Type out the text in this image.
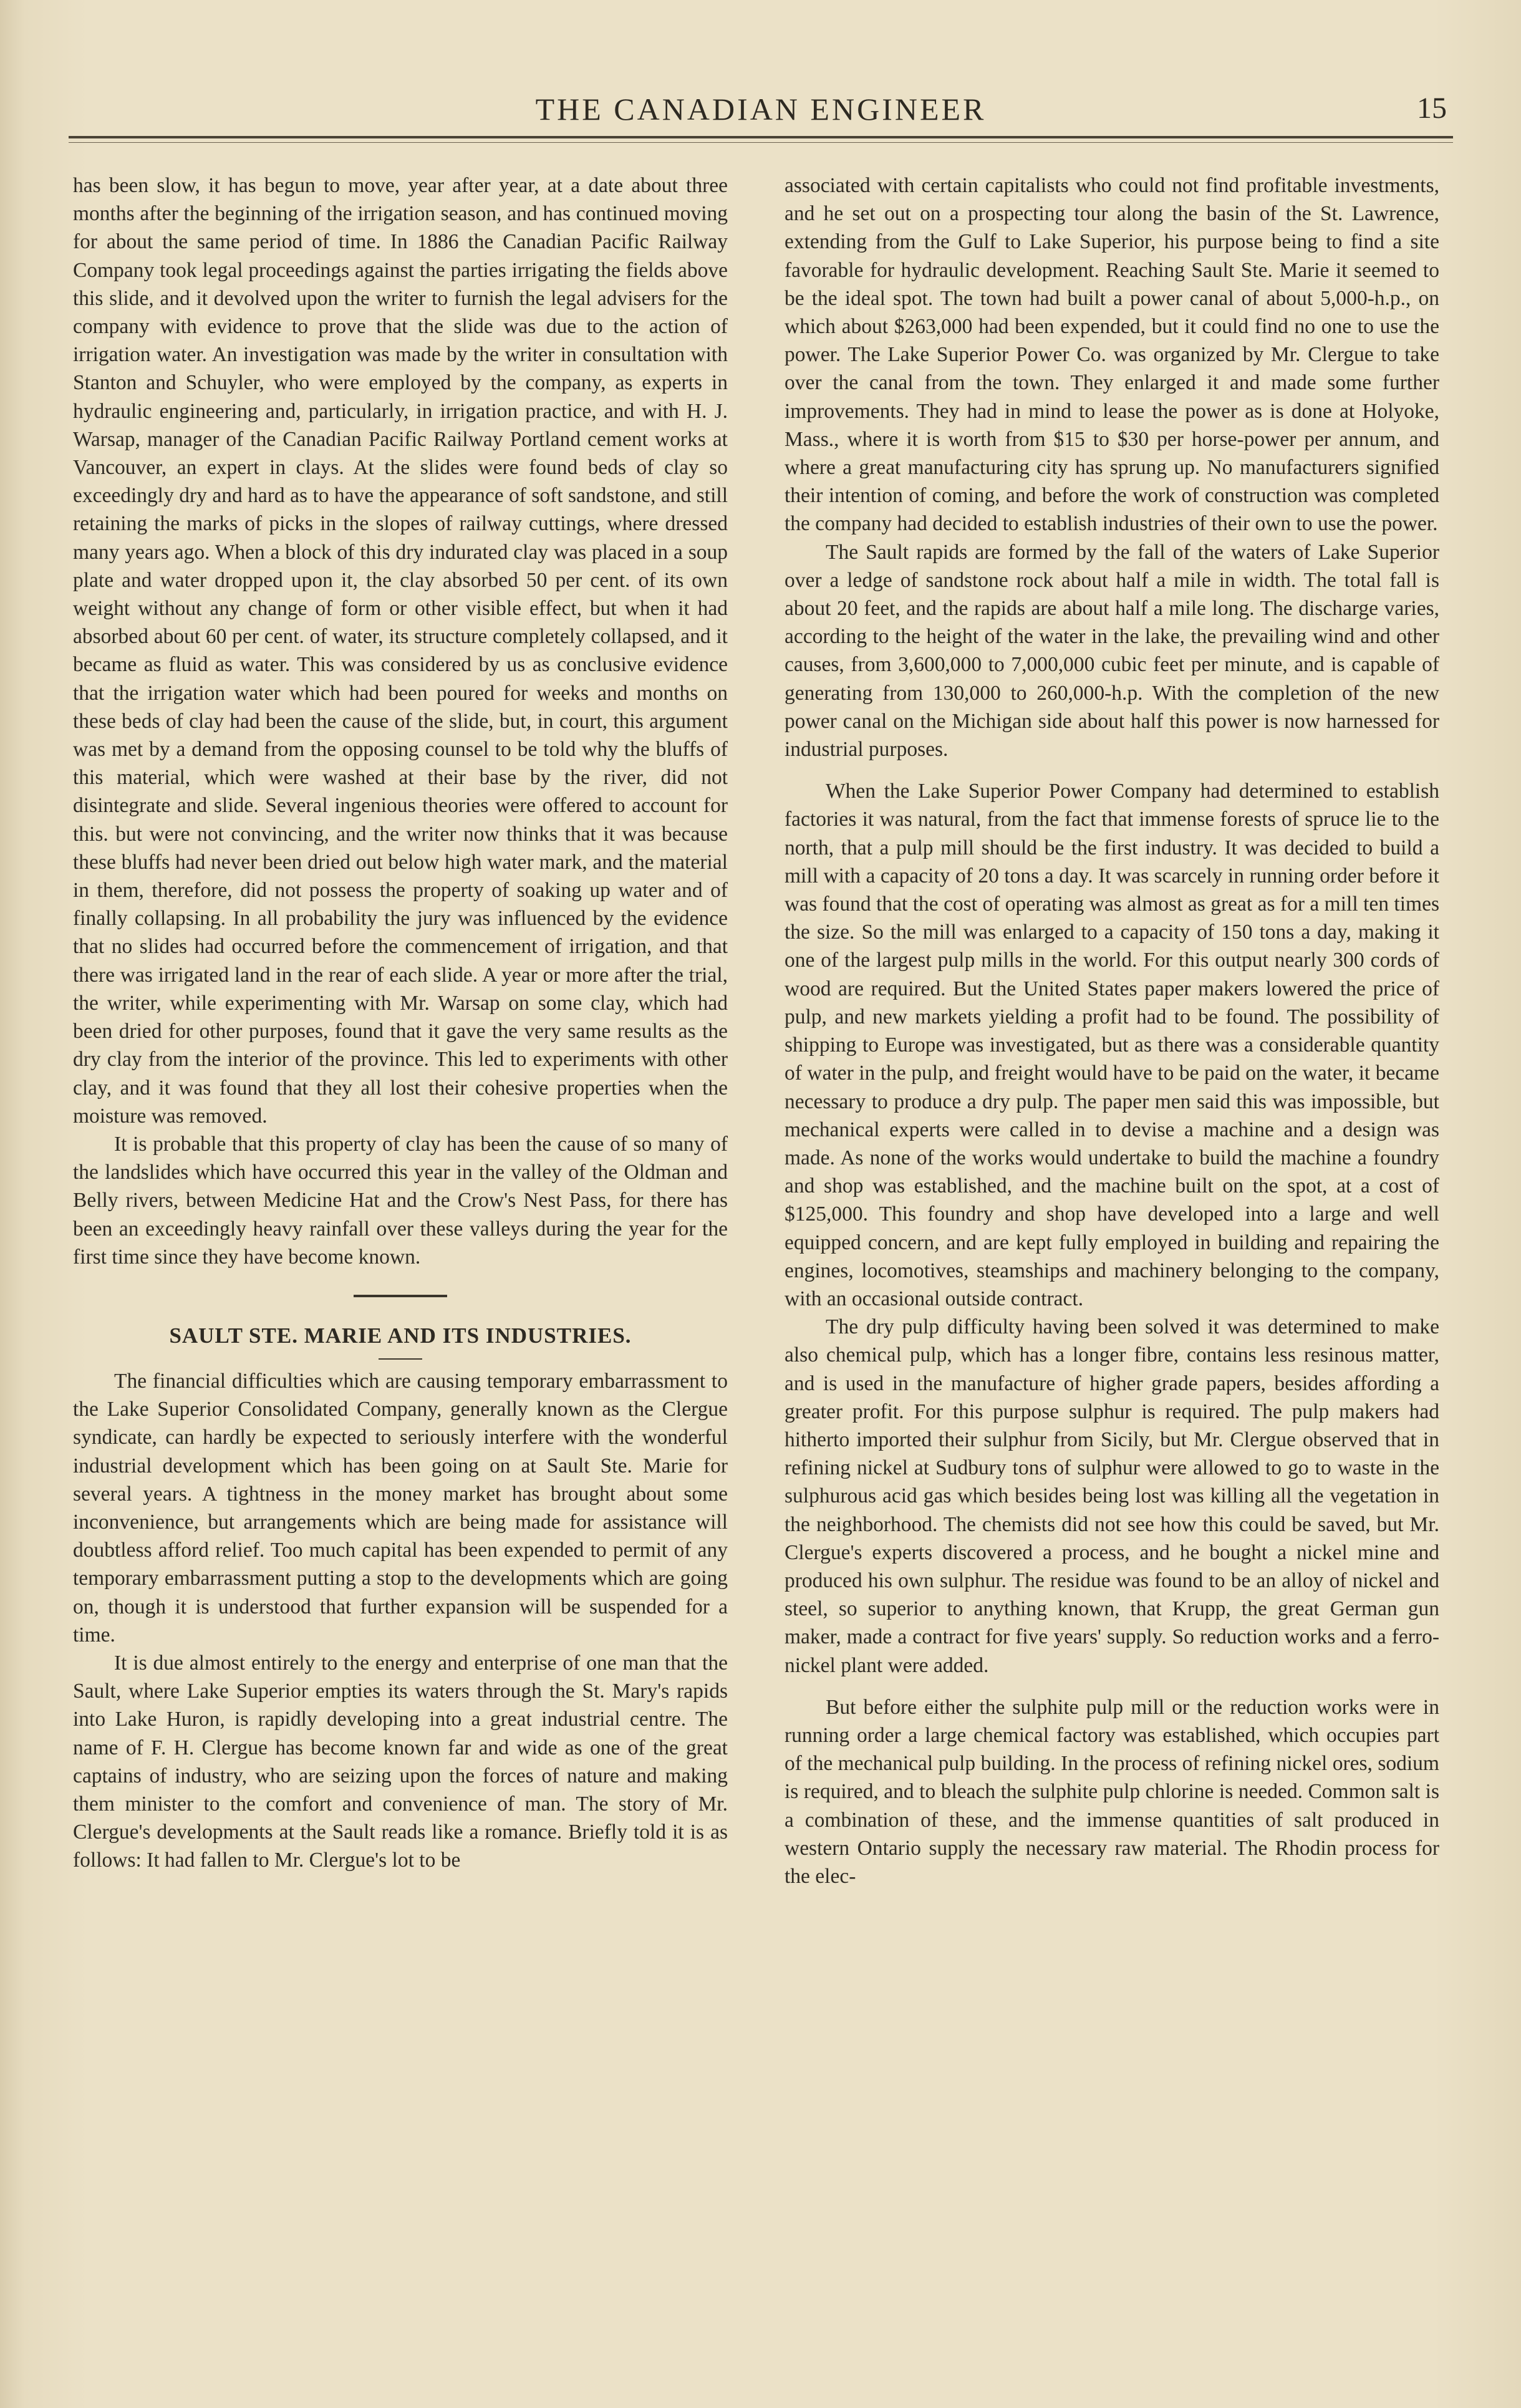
THE CANADIAN ENGINEER	15

has been slow, it has begun to move, year after year, at a date about three months after the beginning of the irrigation season, and has continued moving for about the same period of time. In 1886 the Canadian Pacific Railway Company took legal proceedings against the parties irrigating the fields above this slide, and it devolved upon the writer to furnish the legal advisers for the company with evidence to prove that the slide was due to the action of irrigation water. An investigation was made by the writer in consultation with Stanton and Schuyler, who were employed by the company, as experts in hydraulic engineering and, particularly, in irrigation practice, and with H. J. Warsap, manager of the Canadian Pacific Railway Portland cement works at Vancouver, an expert in clays. At the slides were found beds of clay so exceedingly dry and hard as to have the appearance of soft sandstone, and still retaining the marks of picks in the slopes of railway cuttings, where dressed many years ago. When a block of this dry indurated clay was placed in a soup plate and water dropped upon it, the clay absorbed 50 per cent. of its own weight without any change of form or other visible effect, but when it had absorbed about 60 per cent. of water, its structure completely collapsed, and it became as fluid as water. This was considered by us as conclusive evidence that the irrigation water which had been poured for weeks and months on these beds of clay had been the cause of the slide, but, in court, this argument was met by a demand from the opposing counsel to be told why the bluffs of this material, which were washed at their base by the river, did not disintegrate and slide. Several ingenious theories were offered to account for this. but were not convincing, and the writer now thinks that it was because these bluffs had never been dried out below high water mark, and the material in them, therefore, did not possess the property of soaking up water and of finally collapsing. In all probability the jury was influenced by the evidence that no slides had occurred before the commencement of irrigation, and that there was irrigated land in the rear of each slide. A year or more after the trial, the writer, while experimenting with Mr. Warsap on some clay, which had been dried for other purposes, found that it gave the very same results as the dry clay from the interior of the province. This led to experiments with other clay, and it was found that they all lost their cohesive properties when the moisture was removed.

It is probable that this property of clay has been the cause of so many of the landslides which have occurred this year in the valley of the Oldman and Belly rivers, between Medicine Hat and the Crow's Nest Pass, for there has been an exceedingly heavy rainfall over these valleys during the year for the first time since they have become known.

SAULT STE. MARIE AND ITS INDUSTRIES.

The financial difficulties which are causing temporary embarrassment to the Lake Superior Consolidated Company, generally known as the Clergue syndicate, can hardly be expected to seriously interfere with the wonderful industrial development which has been going on at Sault Ste. Marie for several years. A tightness in the money market has brought about some inconvenience, but arrangements which are being made for assistance will doubtless afford relief. Too much capital has been expended to permit of any temporary embarrassment putting a stop to the developments which are going on, though it is understood that further expansion will be suspended for a time.

It is due almost entirely to the energy and enterprise of one man that the Sault, where Lake Superior empties its waters through the St. Mary's rapids into Lake Huron, is rapidly developing into a great industrial centre. The name of F. H. Clergue has become known far and wide as one of the great captains of industry, who are seizing upon the forces of nature and making them minister to the comfort and convenience of man. The story of Mr. Clergue's developments at the Sault reads like a romance. Briefly told it is as follows: It had fallen to Mr. Clergue's lot to be

associated with certain capitalists who could not find profitable investments, and he set out on a prospecting tour along the basin of the St. Lawrence, extending from the Gulf to Lake Superior, his purpose being to find a site favorable for hydraulic development. Reaching Sault Ste. Marie it seemed to be the ideal spot. The town had built a power canal of about 5,000-h.p., on which about $263,000 had been expended, but it could find no one to use the power. The Lake Superior Power Co. was organized by Mr. Clergue to take over the canal from the town. They enlarged it and made some further improvements. They had in mind to lease the power as is done at Holyoke, Mass., where it is worth from $15 to $30 per horse-power per annum, and where a great manufacturing city has sprung up. No manufacturers signified their intention of coming, and before the work of construction was completed the company had decided to establish industries of their own to use the power.

The Sault rapids are formed by the fall of the waters of Lake Superior over a ledge of sandstone rock about half a mile in width. The total fall is about 20 feet, and the rapids are about half a mile long. The discharge varies, according to the height of the water in the lake, the prevailing wind and other causes, from 3,600,000 to 7,000,000 cubic feet per minute, and is capable of generating from 130,000 to 260,000-h.p. With the completion of the new power canal on the Michigan side about half this power is now harnessed for industrial purposes.

When the Lake Superior Power Company had determined to establish factories it was natural, from the fact that immense forests of spruce lie to the north, that a pulp mill should be the first industry. It was decided to build a mill with a capacity of 20 tons a day. It was scarcely in running order before it was found that the cost of operating was almost as great as for a mill ten times the size. So the mill was enlarged to a capacity of 150 tons a day, making it one of the largest pulp mills in the world. For this output nearly 300 cords of wood are required. But the United States paper makers lowered the price of pulp, and new markets yielding a profit had to be found. The possibility of shipping to Europe was investigated, but as there was a considerable quantity of water in the pulp, and freight would have to be paid on the water, it became necessary to produce a dry pulp. The paper men said this was impossible, but mechanical experts were called in to devise a machine and a design was made. As none of the works would undertake to build the machine a foundry and shop was established, and the machine built on the spot, at a cost of $125,000. This foundry and shop have developed into a large and well equipped concern, and are kept fully employed in building and repairing the engines, locomotives, steamships and machinery belonging to the company, with an occasional outside contract.

The dry pulp difficulty having been solved it was determined to make also chemical pulp, which has a longer fibre, contains less resinous matter, and is used in the manufacture of higher grade papers, besides affording a greater profit. For this purpose sulphur is required. The pulp makers had hitherto imported their sulphur from Sicily, but Mr. Clergue observed that in refining nickel at Sudbury tons of sulphur were allowed to go to waste in the sulphurous acid gas which besides being lost was killing all the vegetation in the neighborhood. The chemists did not see how this could be saved, but Mr. Clergue's experts discovered a process, and he bought a nickel mine and produced his own sulphur. The residue was found to be an alloy of nickel and steel, so superior to anything known, that Krupp, the great German gun maker, made a contract for five years' supply. So reduction works and a ferro-nickel plant were added.

But before either the sulphite pulp mill or the reduction works were in running order a large chemical factory was established, which occupies part of the mechanical pulp building. In the process of refining nickel ores, sodium is required, and to bleach the sulphite pulp chlorine is needed. Common salt is a combination of these, and the immense quantities of salt produced in western Ontario supply the necessary raw material. The Rhodin process for the elec-
